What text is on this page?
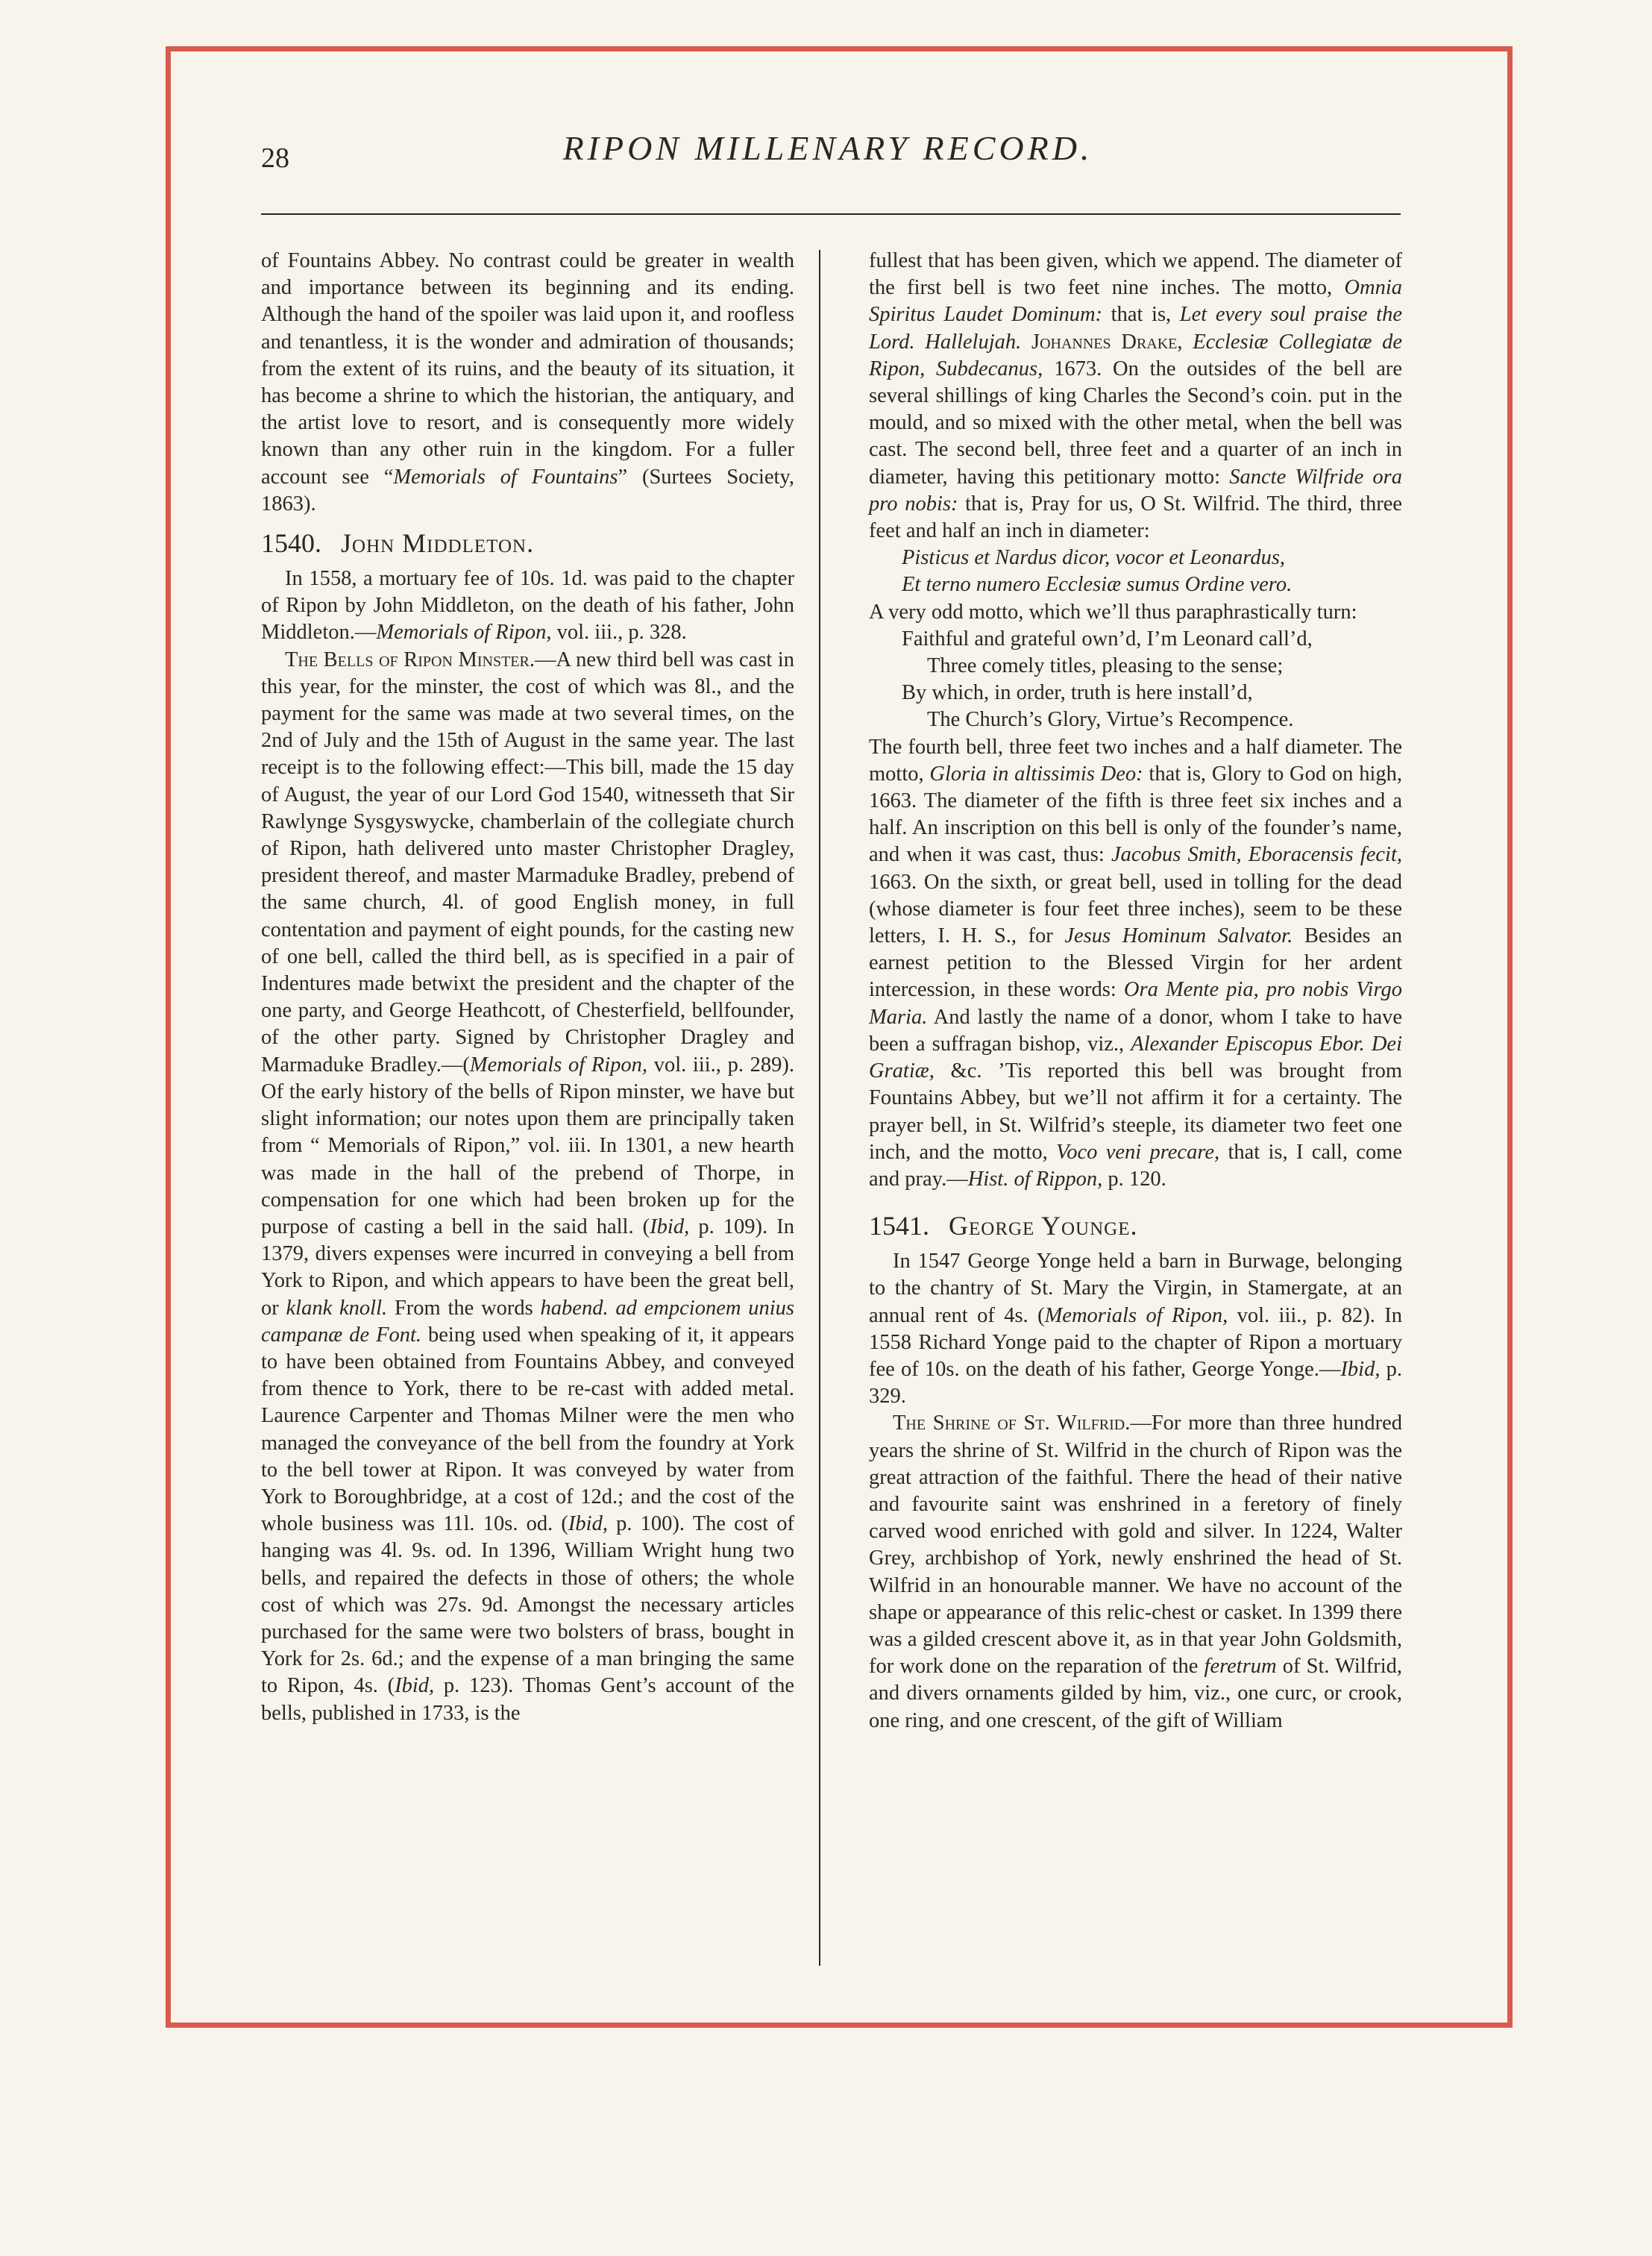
28	RIPON MILLENARY RECORD.

of Fountains Abbey. No contrast could be greater in wealth and importance between its beginning and its ending. Although the hand of the spoiler was laid upon it, and roofless and tenantless, it is the wonder and admiration of thousands; from the extent of its ruins, and the beauty of its situation, it has become a shrine to which the historian, the antiquary, and the artist love to resort, and is consequently more widely known than any other ruin in the kingdom. For a fuller account see “Memorials of Fountains” (Surtees Society, 1863).

1540. John Middleton.

In 1558, a mortuary fee of 10s. 1d. was paid to the chapter of Ripon by John Middleton, on the death of his father, John Middleton.—Memorials of Ripon, vol. iii., p. 328.

The Bells of Ripon Minster.—A new third bell was cast in this year, for the minster, the cost of which was 8l., and the payment for the same was made at two several times, on the 2nd of July and the 15th of August in the same year. The last receipt is to the following effect:—This bill, made the 15 day of August, the year of our Lord God 1540, witnesseth that Sir Rawlynge Sysgyswycke, chamberlain of the collegiate church of Ripon, hath delivered unto master Christopher Dragley, president thereof, and master Marmaduke Bradley, prebend of the same church, 4l. of good English money, in full contentation and payment of eight pounds, for the casting new of one bell, called the third bell, as is specified in a pair of Indentures made betwixt the president and the chapter of the one party, and George Heathcott, of Chesterfield, bellfounder, of the other party. Signed by Christopher Dragley and Marmaduke Bradley.—(Memorials of Ripon, vol. iii., p. 289). Of the early history of the bells of Ripon minster, we have but slight information; our notes upon them are principally taken from “ Memorials of Ripon,” vol. iii. In 1301, a new hearth was made in the hall of the prebend of Thorpe, in compensation for one which had been broken up for the purpose of casting a bell in the said hall. (Ibid, p. 109). In 1379, divers expenses were incurred in conveying a bell from York to Ripon, and which appears to have been the great bell, or klank knoll. From the words habend. ad empcionem unius campanæ de Font. being used when speaking of it, it appears to have been obtained from Fountains Abbey, and conveyed from thence to York, there to be re-cast with added metal. Laurence Carpenter and Thomas Milner were the men who managed the conveyance of the bell from the foundry at York to the bell tower at Ripon. It was conveyed by water from York to Boroughbridge, at a cost of 12d.; and the cost of the whole business was 11l. 10s. od. (Ibid, p. 100). The cost of hanging was 4l. 9s. od. In 1396, William Wright hung two bells, and repaired the defects in those of others; the whole cost of which was 27s. 9d. Amongst the necessary articles purchased for the same were two bolsters of brass, bought in York for 2s. 6d.; and the expense of a man bringing the same to Ripon, 4s. (Ibid, p. 123). Thomas Gent’s account of the bells, published in 1733, is the

fullest that has been given, which we append. The diameter of the first bell is two feet nine inches. The motto, Omnia Spiritus Laudet Dominum: that is, Let every soul praise the Lord. Hallelujah. Johannes Drake, Ecclesiæ Collegiatæ de Ripon, Subdecanus, 1673. On the outsides of the bell are several shillings of king Charles the Second’s coin. put in the mould, and so mixed with the other metal, when the bell was cast. The second bell, three feet and a quarter of an inch in diameter, having this petitionary motto: Sancte Wilfride ora pro nobis: that is, Pray for us, O St. Wilfrid. The third, three feet and half an inch in diameter:

Pisticus et Nardus dicor, vocor et Leonardus,

Et terno numero Ecclesiæ sumus Ordine vero.

A very odd motto, which we’ll thus paraphrastically turn:

Faithful and grateful own’d, I’m Leonard call’d,

Three comely titles, pleasing to the sense;

By which, in order, truth is here install’d,

The Church’s Glory, Virtue’s Recompence.

The fourth bell, three feet two inches and a half diameter. The motto, Gloria in altissimis Deo: that is, Glory to God on high, 1663. The diameter of the fifth is three feet six inches and a half. An inscription on this bell is only of the founder’s name, and when it was cast, thus: Jacobus Smith, Eboracensis fecit, 1663. On the sixth, or great bell, used in tolling for the dead (whose diameter is four feet three inches), seem to be these letters, I. H. S., for Jesus Hominum Salvator. Besides an earnest petition to the Blessed Virgin for her ardent intercession, in these words: Ora Mente pia, pro nobis Virgo Maria. And lastly the name of a donor, whom I take to have been a suffragan bishop, viz., Alexander Episcopus Ebor. Dei Gratiæ, &c. ’Tis reported this bell was brought from Fountains Abbey, but we’ll not affirm it for a certainty. The prayer bell, in St. Wilfrid’s steeple, its diameter two feet one inch, and the motto, Voco veni precare, that is, I call, come and pray.—Hist. of Rippon, p. 120.

1541. George Younge.

In 1547 George Yonge held a barn in Burwage, belonging to the chantry of St. Mary the Virgin, in Stamergate, at an annual rent of 4s. (Memorials of Ripon, vol. iii., p. 82). In 1558 Richard Yonge paid to the chapter of Ripon a mortuary fee of 10s. on the death of his father, George Yonge.—Ibid, p. 329.

The Shrine of St. Wilfrid.—For more than three hundred years the shrine of St. Wilfrid in the church of Ripon was the great attraction of the faithful. There the head of their native and favourite saint was enshrined in a feretory of finely carved wood enriched with gold and silver. In 1224, Walter Grey, archbishop of York, newly enshrined the head of St. Wilfrid in an honourable manner. We have no account of the shape or appearance of this relic-chest or casket. In 1399 there was a gilded crescent above it, as in that year John Goldsmith, for work done on the reparation of the feretrum of St. Wilfrid, and divers ornaments gilded by him, viz., one curc, or crook, one ring, and one crescent, of the gift of William
